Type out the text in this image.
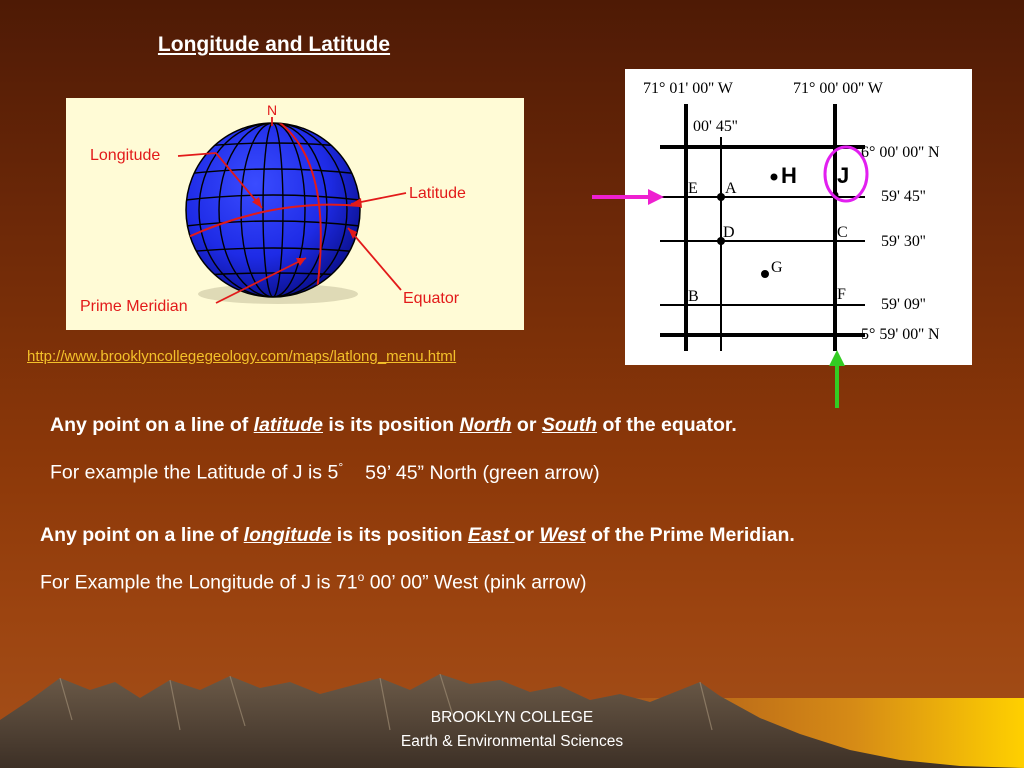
Longitude and Latitude
N
Longitude
Latitude
Equator
Prime Meridian
http://www.brooklyncollegegeology.com/maps/latlong_menu.html
71° 01' 00'' W	71° 00' 00'' W
00' 45''
H J
E A
D	C
G
B	F
6° 00' 00'' N
59' 45''
59' 30''
59' 09''
5° 59' 00'' N
Any point on a line of latitude is its position North or South of the equator.
For example the Latitude of J is 5° 59’ 45” North (green arrow)
Any point on a line of longitude is its position East or West of the Prime Meridian.
For Example the Longitude of J is 71$^o$ 00’ 00” West (pink arrow)
BROOKLYN COLLEGE
Earth & Environmental Sciences
